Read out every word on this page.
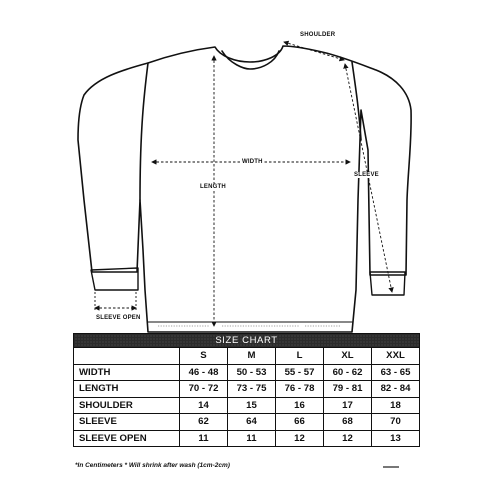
SHOULDER
WIDTH
LENGTH
SLEEVE
SLEEVE OPEN
SIZE CHART					
	S	M	L	XL	XXL
WIDTH	46 - 48	50 - 53	55 - 57	60 - 62	63 - 65
LENGTH	70 - 72	73 - 75	76 - 78	79 - 81	82 - 84
SHOULDER	14	15	16	17	18
SLEEVE	62	64	66	68	70
SLEEVE OPEN	11	11	12	12	13
*In Centimeters * Will shrink after wash (1cm-2cm)
